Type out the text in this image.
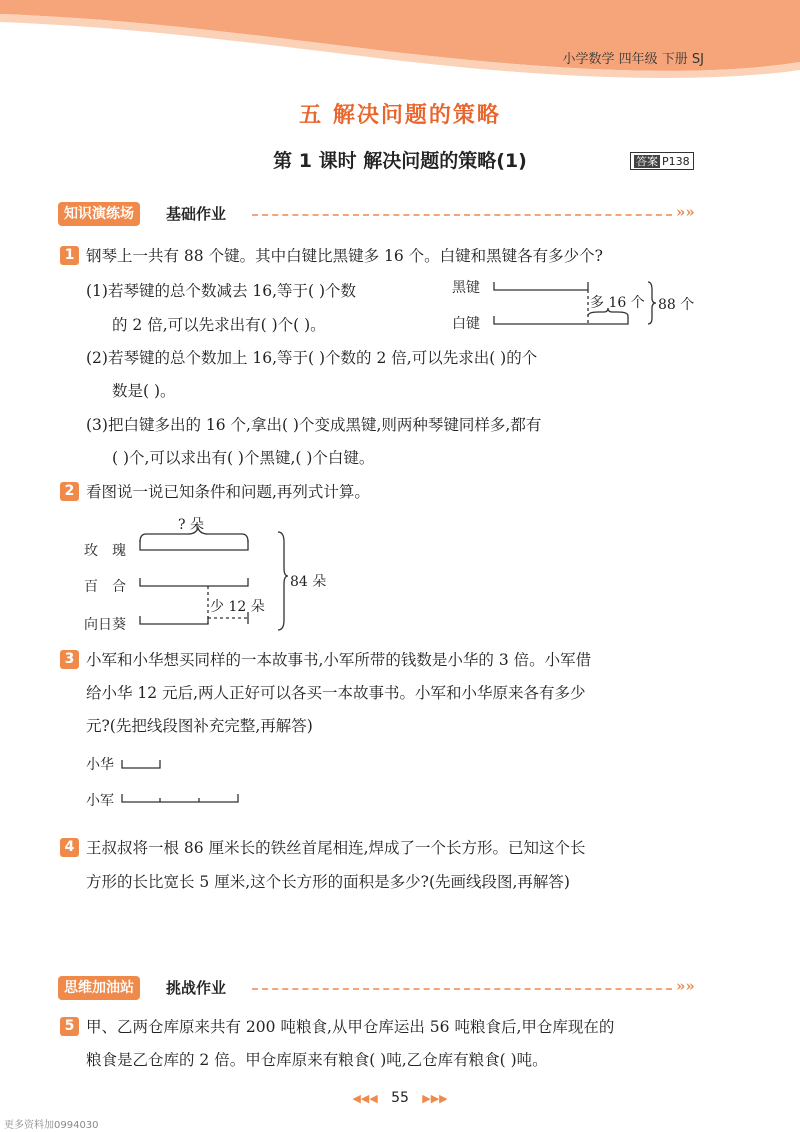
小学数学 四年级 下册 SJ
五 解决问题的策略
第 1 课时 解决问题的策略(1)	答案 P138
知识演练场	基础作业	»»
1 钢琴上一共有 88 个键。其中白键比黑键多 16 个。白键和黑键各有多少个?
(1)若琴键的总个数减去 16,等于( )个数
的 2 倍,可以先求出有( )个( )。
黑键
白键
多 16 个 88 个
(2)若琴键的总个数加上 16,等于( )个数的 2 倍,可以先求出( )的个
数是( )。
(3)把白键多出的 16 个,拿出( )个变成黑键,则两种琴键同样多,都有
( )个,可以求出有( )个黑键,( )个白键。
2 看图说一说已知条件和问题,再列式计算。
? 朵
玫　瑰
百　合
向日葵
少 12 朵
84 朵
3 小军和小华想买同样的一本故事书,小军所带的钱数是小华的 3 倍。小军借
给小华 12 元后,两人正好可以各买一本故事书。小军和小华原来各有多少
元?(先把线段图补充完整,再解答)
小华
小军
4 王叔叔将一根 86 厘米长的铁丝首尾相连,焊成了一个长方形。已知这个长
方形的长比宽长 5 厘米,这个长方形的面积是多少?(先画线段图,再解答)
思维加油站	挑战作业	»»
5 甲、乙两仓库原来共有 200 吨粮食,从甲仓库运出 56 吨粮食后,甲仓库现在的
粮食是乙仓库的 2 倍。甲仓库原来有粮食( )吨,乙仓库有粮食( )吨。
◀◀◀ 55 ▶▶▶
更多资料加0994030
